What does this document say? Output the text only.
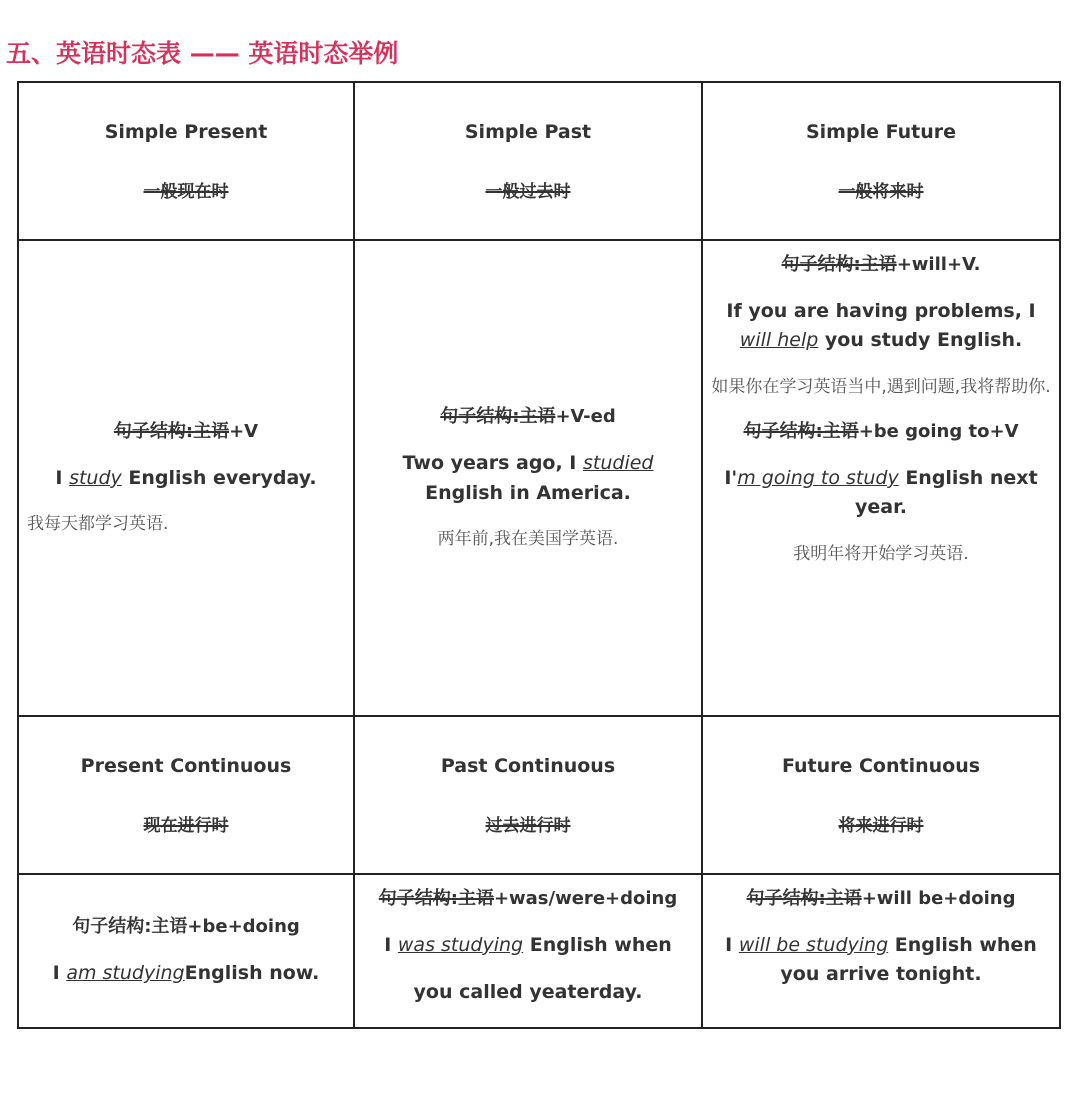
五、英语时态表 —— 英语时态举例
Simple Present
一般现在时
Simple Past
一般过去时
Simple Future
一般将来时
句子结构:主语+V
I study English everyday.
我每天都学习英语.
句子结构:主语+V-ed
Two years ago, I studied English in America.
两年前,我在美国学英语.
句子结构:主语+will+V.
If you are having problems, I will help you study English.
如果你在学习英语当中,遇到问题,我将帮助你.
句子结构:主语+be going to+V
I'm going to study English next year.
我明年将开始学习英语.
Present Continuous
现在进行时
Past Continuous
过去进行时
Future Continuous
将来进行时
句子结构:主语+be+doing
I am studyingEnglish now.
句子结构:主语+was/were+doing
I was studying English when
you called yeaterday.
句子结构:主语+will be+doing
I will be studying English when you arrive tonight.
